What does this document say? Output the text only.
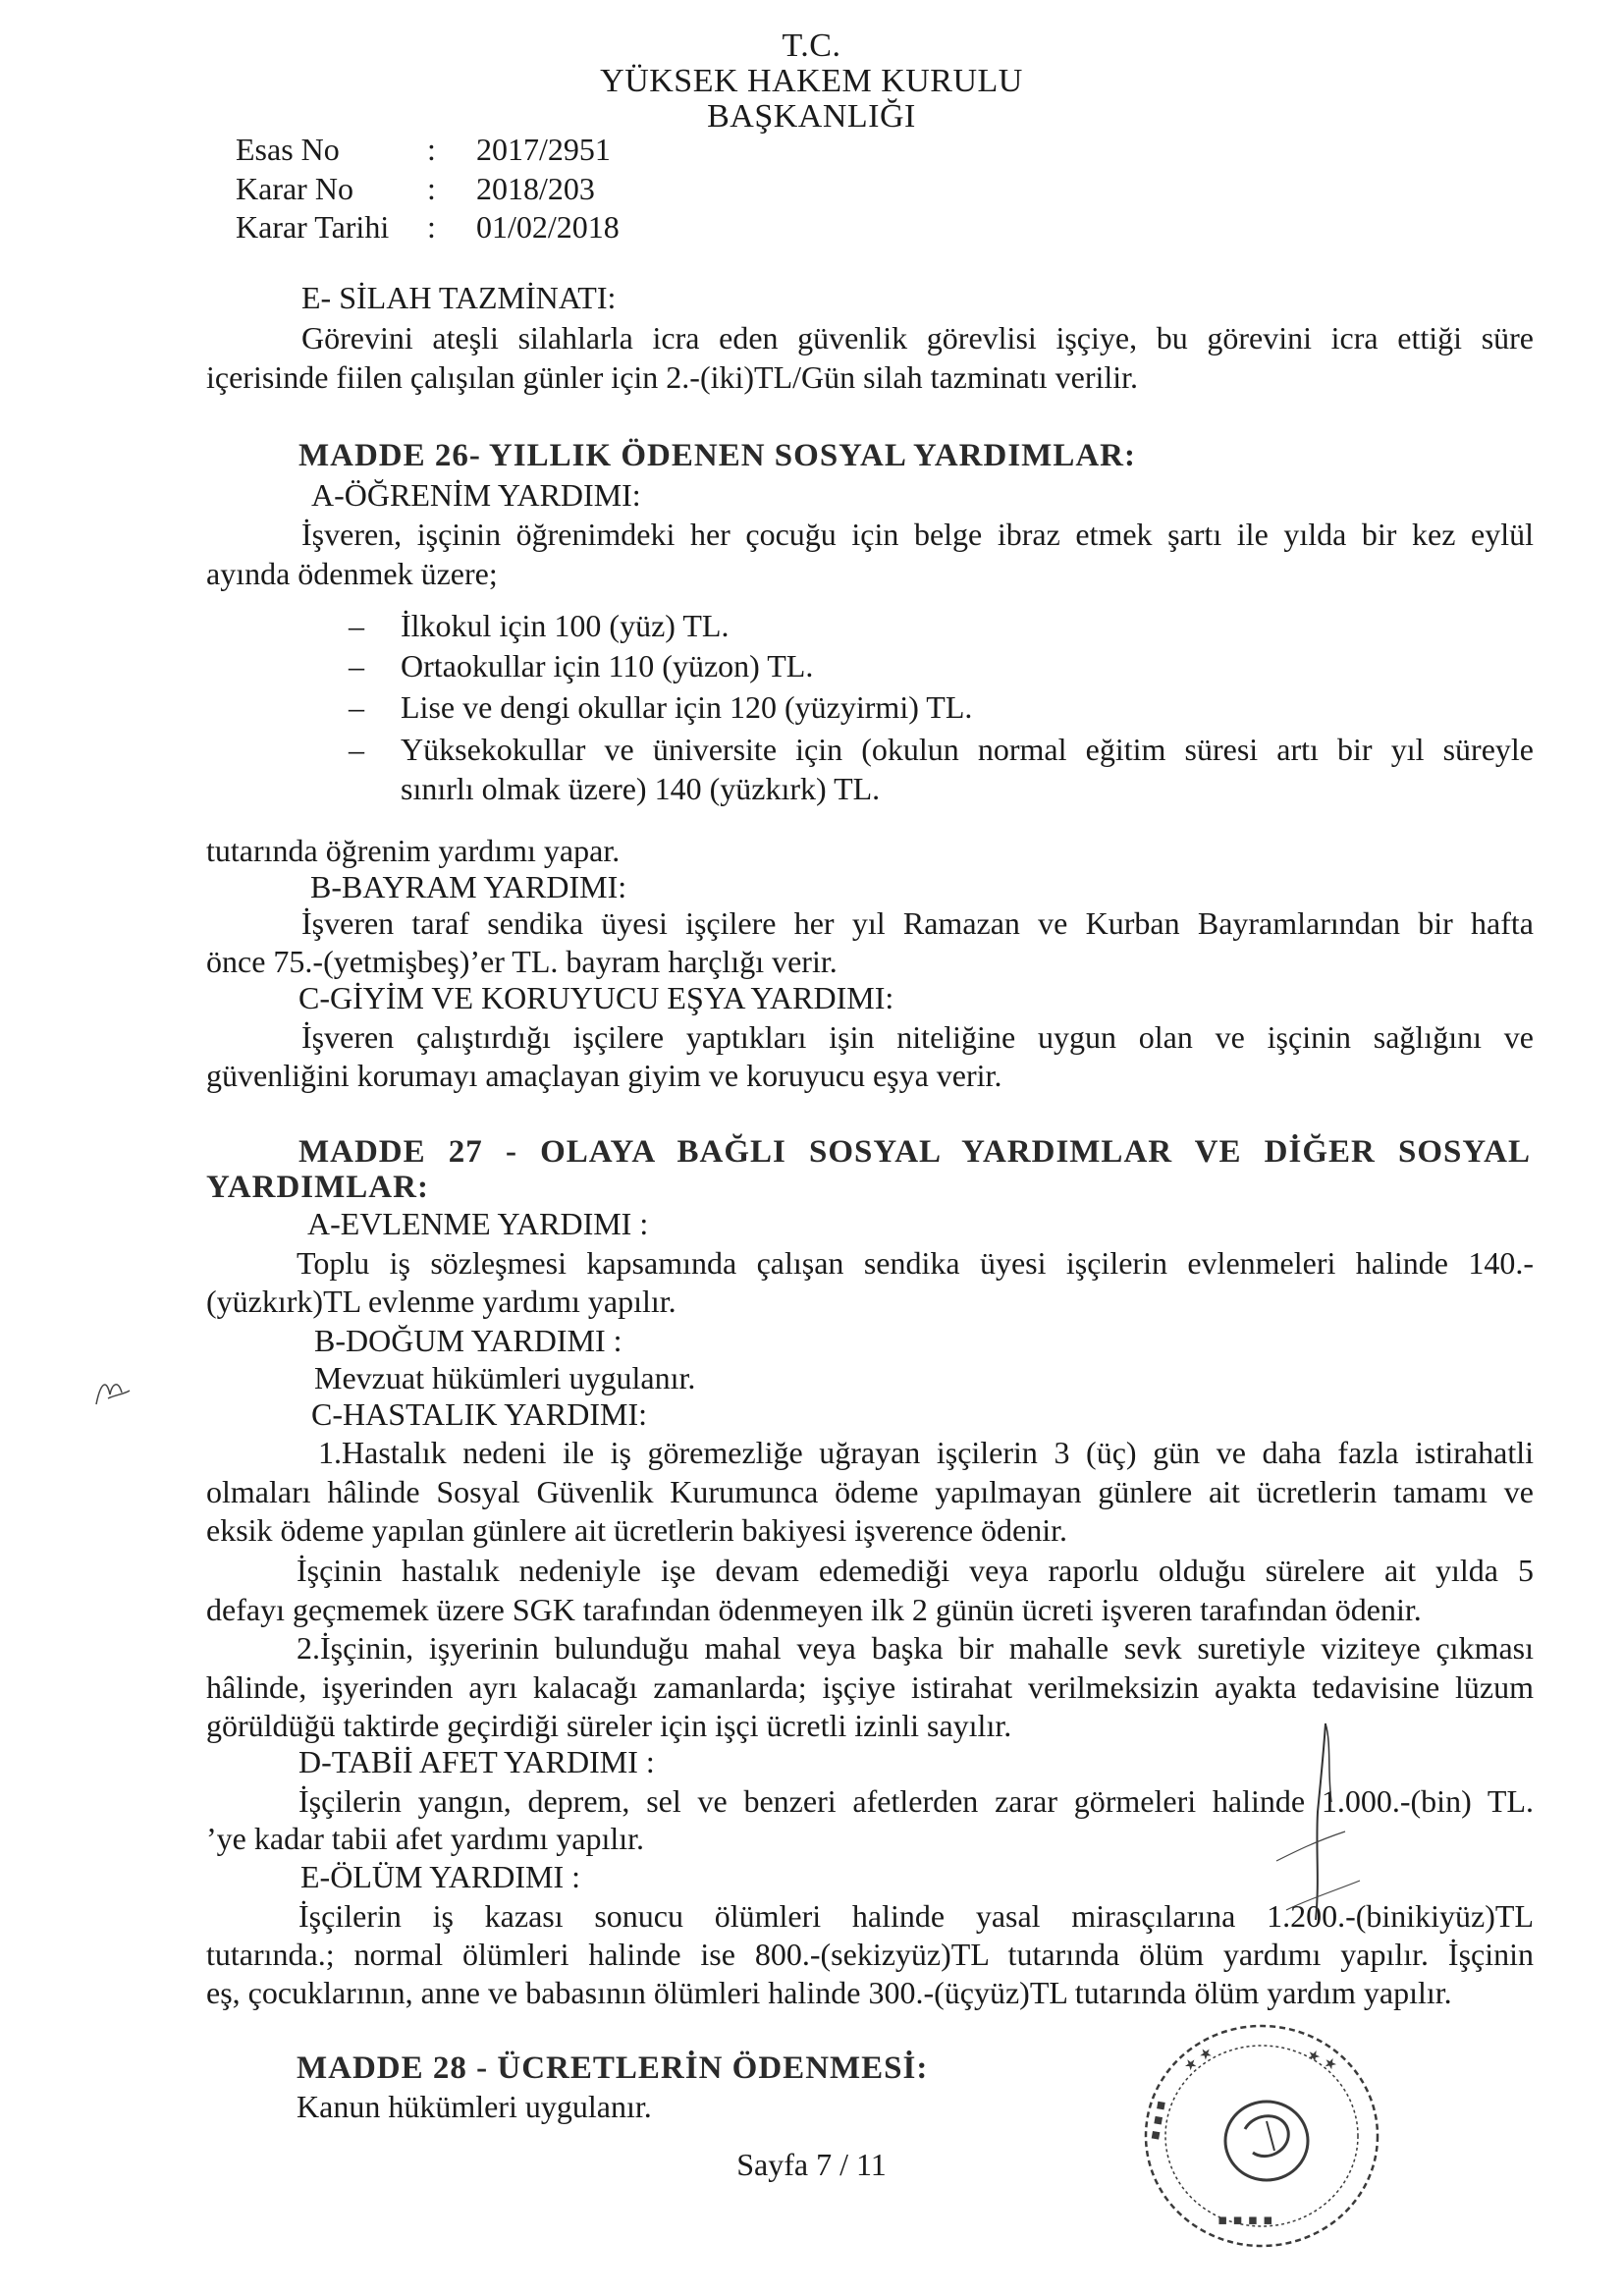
T.C.
YÜKSEK HAKEM KURULU
BAŞKANLIĞI
Esas No	: 2017/2951
Karar No : 2018/203
Karar Tarihi : 01/02/2018
E- SİLAH TAZMİNATI:
Görevini ateşli silahlarla icra eden güvenlik görevlisi işçiye, bu görevini icra ettiği süre
içerisinde fiilen çalışılan günler için 2.-(iki)TL/Gün silah tazminatı verilir.
MADDE 26- YILLIK ÖDENEN SOSYAL YARDIMLAR:
A-ÖĞRENİM YARDIMI:
İşveren, işçinin öğrenimdeki her çocuğu için belge ibraz etmek şartı ile yılda bir kez eylül
ayında ödenmek üzere;
– İlkokul için 100 (yüz) TL.
– Ortaokullar için 110 (yüzon) TL.
– Lise ve dengi okullar için 120 (yüzyirmi) TL.
– Yüksekokullar ve üniversite için (okulun normal eğitim süresi artı bir yıl süreyle
sınırlı olmak üzere) 140 (yüzkırk) TL.
tutarında öğrenim yardımı yapar.
B-BAYRAM YARDIMI:
İşveren taraf sendika üyesi işçilere her yıl Ramazan ve Kurban Bayramlarından bir hafta
önce 75.-(yetmişbeş)’er TL. bayram harçlığı verir.
C-GİYİM VE KORUYUCU EŞYA YARDIMI:
İşveren çalıştırdığı işçilere yaptıkları işin niteliğine uygun olan ve işçinin sağlığını ve
güvenliğini korumayı amaçlayan giyim ve koruyucu eşya verir.
MADDE 27 - OLAYA BAĞLI SOSYAL YARDIMLAR VE DİĞER SOSYAL
YARDIMLAR:
A-EVLENME YARDIMI :
Toplu iş sözleşmesi kapsamında çalışan sendika üyesi işçilerin evlenmeleri halinde 140.-
(yüzkırk)TL evlenme yardımı yapılır.
B-DOĞUM YARDIMI :
Mevzuat hükümleri uygulanır.
C-HASTALIK YARDIMI:
1.Hastalık nedeni ile iş göremezliğe uğrayan işçilerin 3 (üç) gün ve daha fazla istirahatli
olmaları hâlinde Sosyal Güvenlik Kurumunca ödeme yapılmayan günlere ait ücretlerin tamamı ve
eksik ödeme yapılan günlere ait ücretlerin bakiyesi işverence ödenir.
İşçinin hastalık nedeniyle işe devam edemediği veya raporlu olduğu sürelere ait yılda 5
defayı geçmemek üzere SGK tarafından ödenmeyen ilk 2 günün ücreti işveren tarafından ödenir.
2.İşçinin, işyerinin bulunduğu mahal veya başka bir mahalle sevk suretiyle viziteye çıkması
hâlinde, işyerinden ayrı kalacağı zamanlarda; işçiye istirahat verilmeksizin ayakta tedavisine lüzum
görüldüğü taktirde geçirdiği süreler için işçi ücretli izinli sayılır.
D-TABİİ AFET YARDIMI :
İşçilerin yangın, deprem, sel ve benzeri afetlerden zarar görmeleri halinde 1.000.-(bin) TL.
’ye kadar tabii afet yardımı yapılır.
E-ÖLÜM YARDIMI :
İşçilerin iş kazası sonucu ölümleri halinde yasal mirasçılarına 1.200.-(binikiyüz)TL
tutarında.; normal ölümleri halinde ise 800.-(sekizyüz)TL tutarında ölüm yardımı yapılır. İşçinin
eş, çocuklarının, anne ve babasının ölümleri halinde 300.-(üçyüz)TL tutarında ölüm yardım yapılır.
MADDE 28 - ÜCRETLERİN ÖDENMESİ:
Kanun hükümleri uygulanır.
Sayfa 7 / 11
★ ★	★ ★
▪ ▪ ▪
▪ ▪ ▪ ▪
